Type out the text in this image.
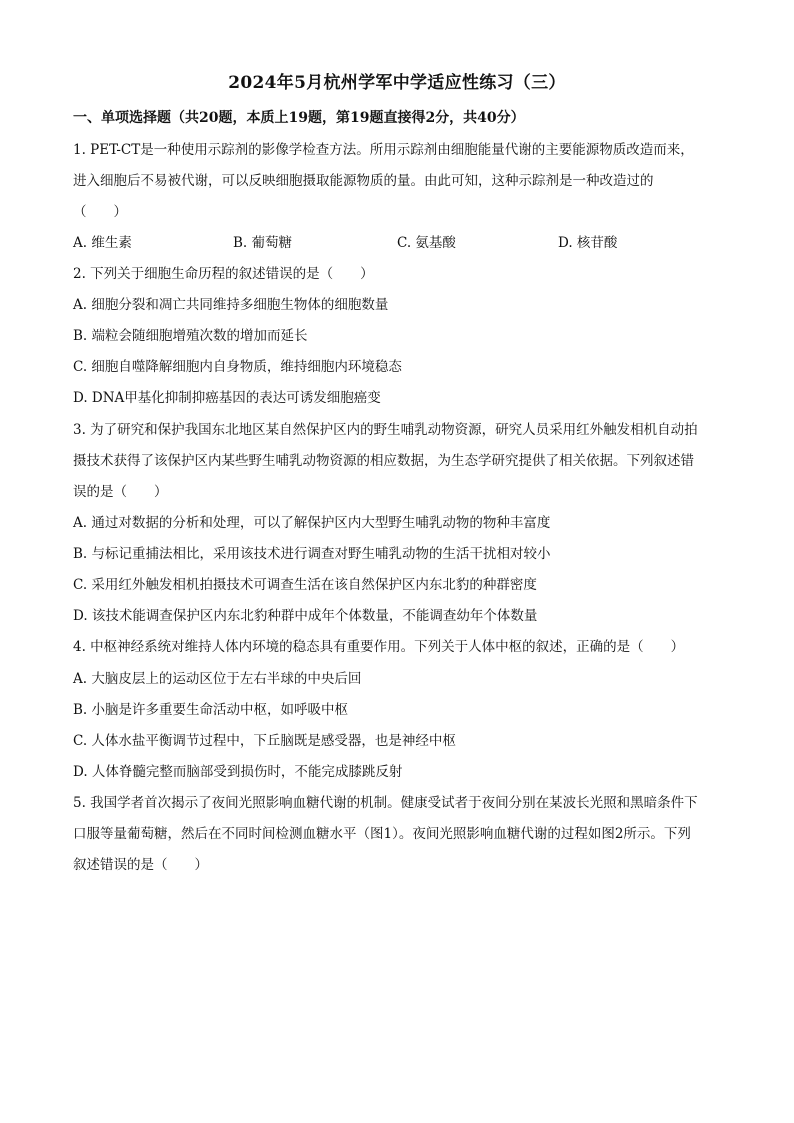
2024年5月杭州学军中学适应性练习（三）
一、单项选择题（共20题，本质上19题，第19题直接得2分，共40分）
1. PET-CT是一种使用示踪剂的影像学检查方法。所用示踪剂由细胞能量代谢的主要能源物质改造而来，
进入细胞后不易被代谢，可以反映细胞摄取能源物质的量。由此可知，这种示踪剂是一种改造过的
（　　）
A. 维生素	B. 葡萄糖	C. 氨基酸	D. 核苷酸
2. 下列关于细胞生命历程的叙述错误的是（　　）
A. 细胞分裂和凋亡共同维持多细胞生物体的细胞数量
B. 端粒会随细胞增殖次数的增加而延长
C. 细胞自噬降解细胞内自身物质，维持细胞内环境稳态
D. DNA甲基化抑制抑癌基因的表达可诱发细胞癌变
3. 为了研究和保护我国东北地区某自然保护区内的野生哺乳动物资源，研究人员采用红外触发相机自动拍
摄技术获得了该保护区内某些野生哺乳动物资源的相应数据，为生态学研究提供了相关依据。下列叙述错
误的是（　　）
A. 通过对数据的分析和处理，可以了解保护区内大型野生哺乳动物的物种丰富度
B. 与标记重捕法相比，采用该技术进行调查对野生哺乳动物的生活干扰相对较小
C. 采用红外触发相机拍摄技术可调查生活在该自然保护区内东北豹的种群密度
D. 该技术能调查保护区内东北豹种群中成年个体数量，不能调查幼年个体数量
4. 中枢神经系统对维持人体内环境的稳态具有重要作用。下列关于人体中枢的叙述，正确的是（　　）
A. 大脑皮层上的运动区位于左右半球的中央后回
B. 小脑是许多重要生命活动中枢，如呼吸中枢
C. 人体水盐平衡调节过程中，下丘脑既是感受器，也是神经中枢
D. 人体脊髓完整而脑部受到损伤时，不能完成膝跳反射
5. 我国学者首次揭示了夜间光照影响血糖代谢的机制。健康受试者于夜间分别在某波长光照和黑暗条件下
口服等量葡萄糖，然后在不同时间检测血糖水平（图1）。夜间光照影响血糖代谢的过程如图2所示。下列
叙述错误的是（　　）
